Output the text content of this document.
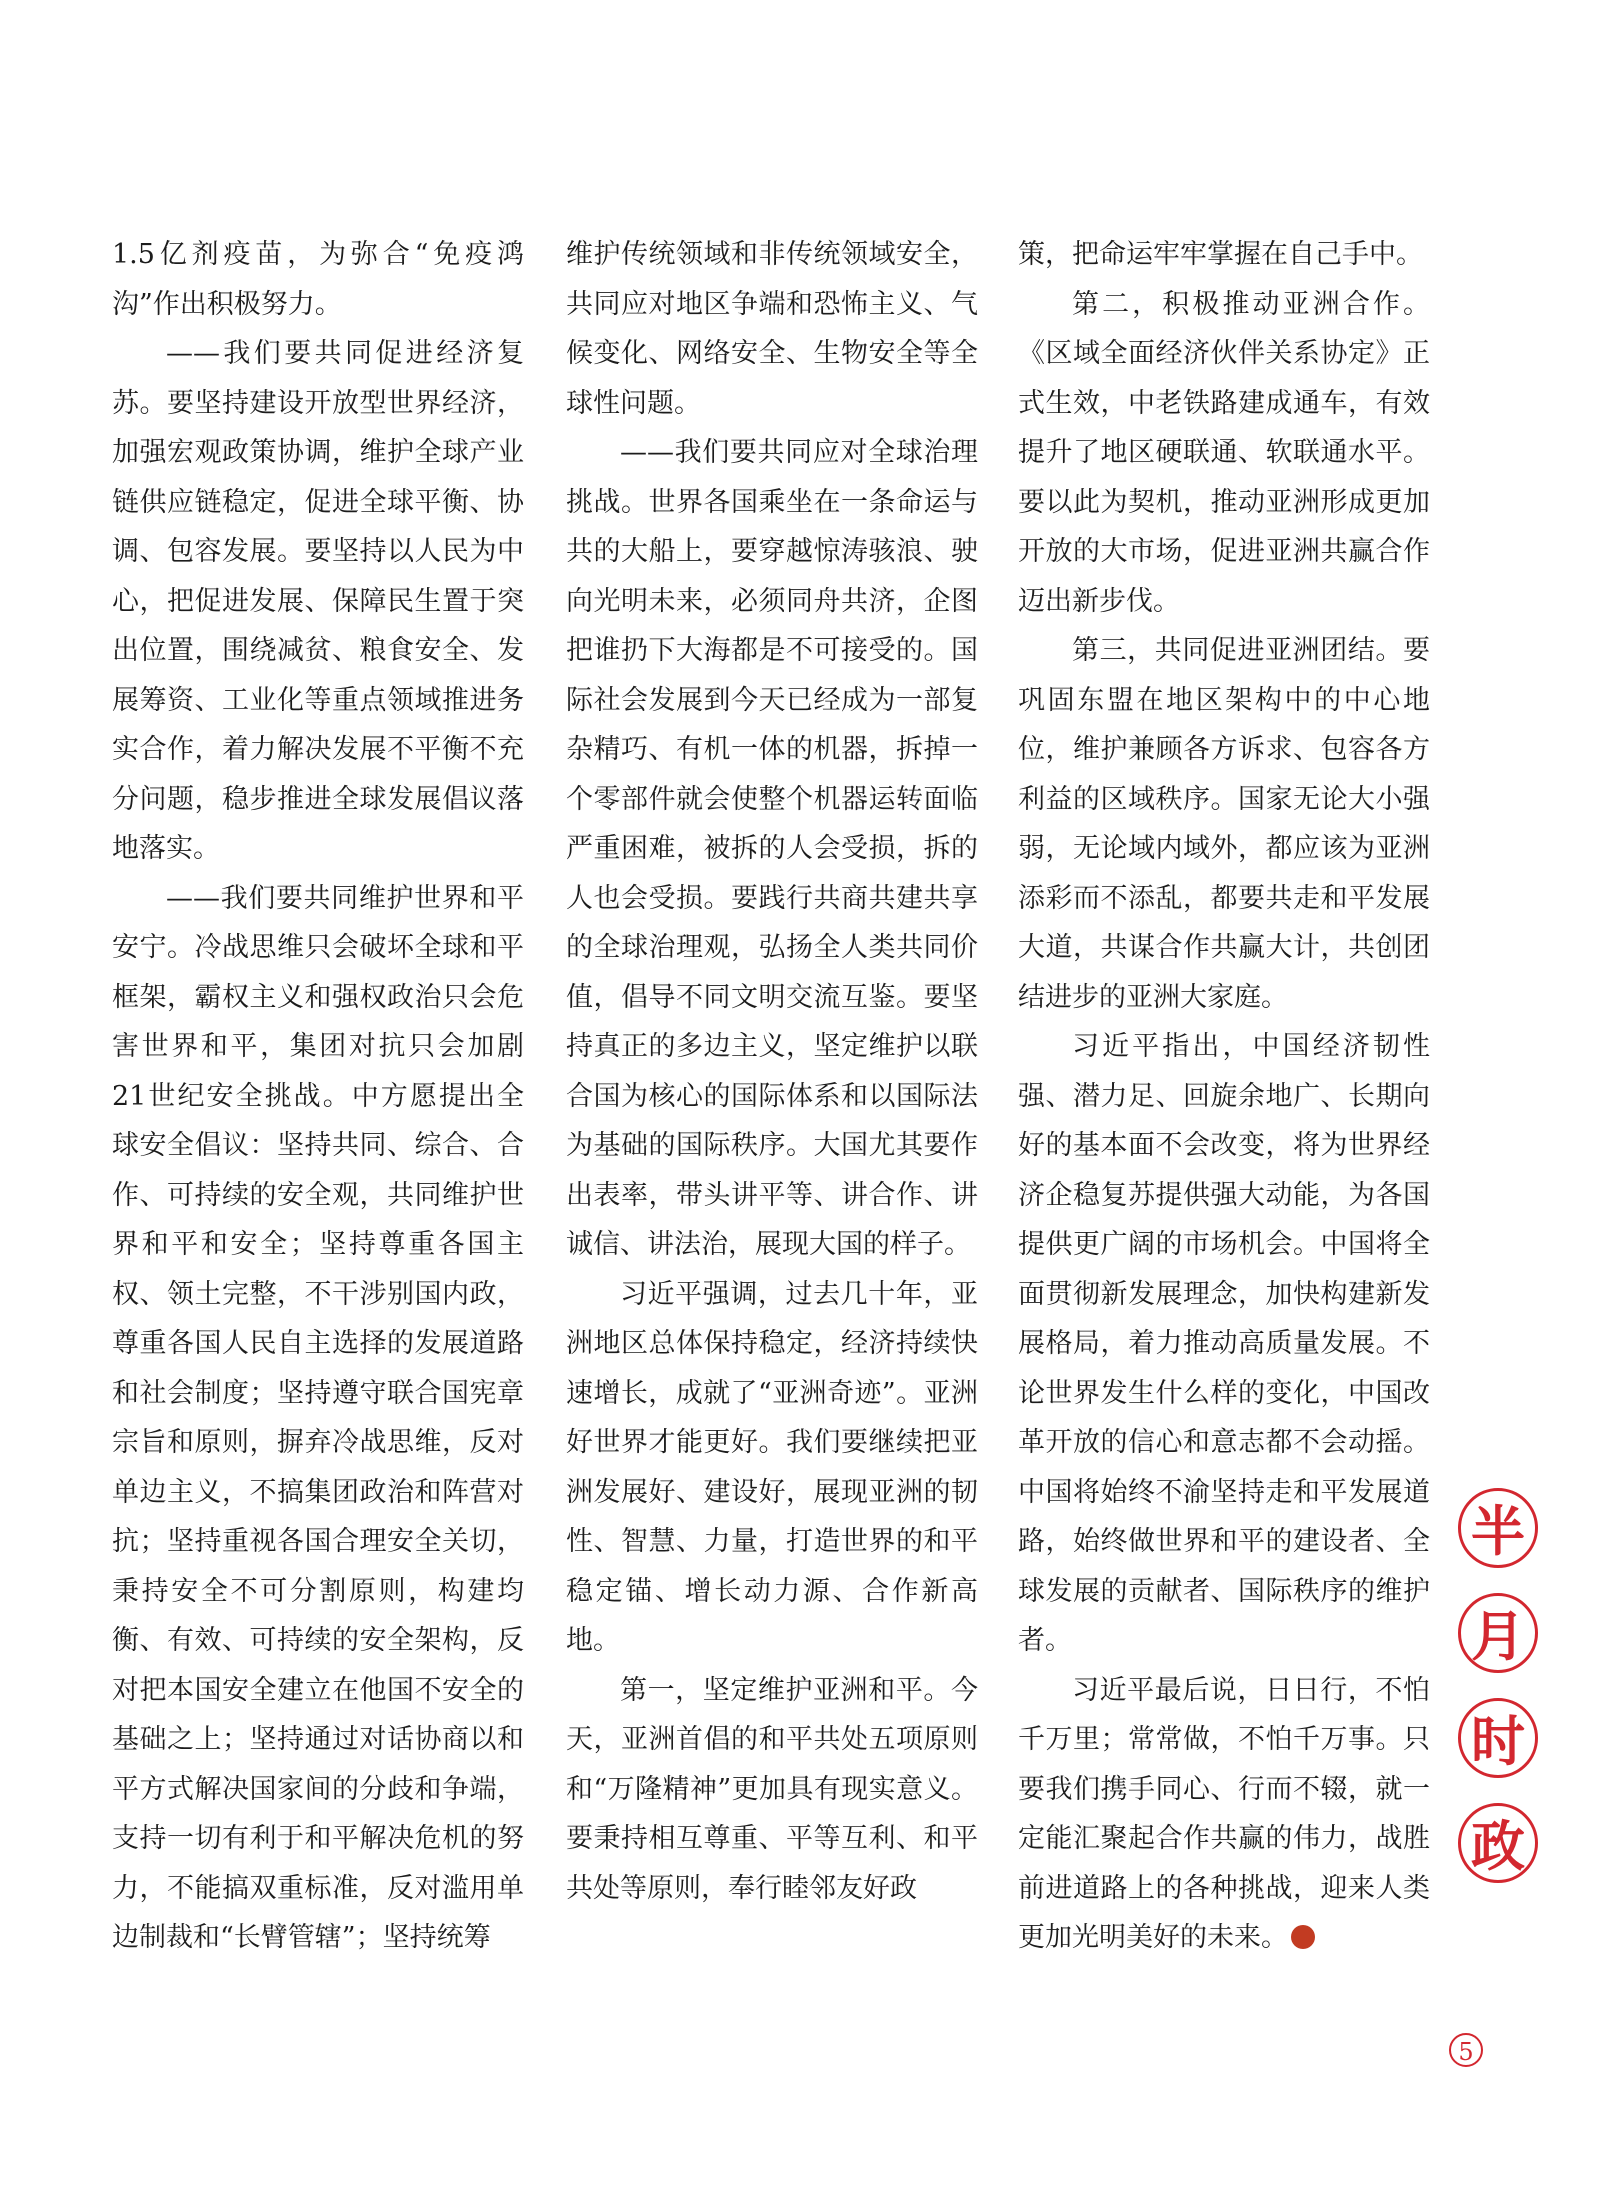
1.5亿剂疫苗，为弥合“免疫鸿沟”作出积极努力。

——我们要共同促进经济复苏。要坚持建设开放型世界经济，加强宏观政策协调，维护全球产业链供应链稳定，促进全球平衡、协调、包容发展。要坚持以人民为中心，把促进发展、保障民生置于突出位置，围绕减贫、粮食安全、发展筹资、工业化等重点领域推进务实合作，着力解决发展不平衡不充分问题，稳步推进全球发展倡议落地落实。

——我们要共同维护世界和平安宁。冷战思维只会破坏全球和平框架，霸权主义和强权政治只会危害世界和平，集团对抗只会加剧21世纪安全挑战。中方愿提出全球安全倡议：坚持共同、综合、合作、可持续的安全观，共同维护世界和平和安全；坚持尊重各国主权、领土完整，不干涉别国内政，尊重各国人民自主选择的发展道路和社会制度；坚持遵守联合国宪章宗旨和原则，摒弃冷战思维，反对单边主义，不搞集团政治和阵营对抗；坚持重视各国合理安全关切，秉持安全不可分割原则，构建均衡、有效、可持续的安全架构，反对把本国安全建立在他国不安全的基础之上；坚持通过对话协商以和平方式解决国家间的分歧和争端，支持一切有利于和平解决危机的努力，不能搞双重标准，反对滥用单边制裁和“长臂管辖”；坚持统筹

维护传统领域和非传统领域安全，共同应对地区争端和恐怖主义、气候变化、网络安全、生物安全等全球性问题。

——我们要共同应对全球治理挑战。世界各国乘坐在一条命运与共的大船上，要穿越惊涛骇浪、驶向光明未来，必须同舟共济，企图把谁扔下大海都是不可接受的。国际社会发展到今天已经成为一部复杂精巧、有机一体的机器，拆掉一个零部件就会使整个机器运转面临严重困难，被拆的人会受损，拆的人也会受损。要践行共商共建共享的全球治理观，弘扬全人类共同价值，倡导不同文明交流互鉴。要坚持真正的多边主义，坚定维护以联合国为核心的国际体系和以国际法为基础的国际秩序。大国尤其要作出表率，带头讲平等、讲合作、讲诚信、讲法治，展现大国的样子。

习近平强调，过去几十年，亚洲地区总体保持稳定，经济持续快速增长，成就了“亚洲奇迹”。亚洲好世界才能更好。我们要继续把亚洲发展好、建设好，展现亚洲的韧性、智慧、力量，打造世界的和平稳定锚、增长动力源、合作新高地。

第一，坚定维护亚洲和平。今天，亚洲首倡的和平共处五项原则和“万隆精神”更加具有现实意义。要秉持相互尊重、平等互利、和平共处等原则，奉行睦邻友好政

策，把命运牢牢掌握在自己手中。

第二，积极推动亚洲合作。《区域全面经济伙伴关系协定》正式生效，中老铁路建成通车，有效提升了地区硬联通、软联通水平。要以此为契机，推动亚洲形成更加开放的大市场，促进亚洲共赢合作迈出新步伐。

第三，共同促进亚洲团结。要巩固东盟在地区架构中的中心地位，维护兼顾各方诉求、包容各方利益的区域秩序。国家无论大小强弱，无论域内域外，都应该为亚洲添彩而不添乱，都要共走和平发展大道，共谋合作共赢大计，共创团结进步的亚洲大家庭。

习近平指出，中国经济韧性强、潜力足、回旋余地广、长期向好的基本面不会改变，将为世界经济企稳复苏提供强大动能，为各国提供更广阔的市场机会。中国将全面贯彻新发展理念，加快构建新发展格局，着力推动高质量发展。不论世界发生什么样的变化，中国改革开放的信心和意志都不会动摇。中国将始终不渝坚持走和平发展道路，始终做世界和平的建设者、全球发展的贡献者、国际秩序的维护者。

习近平最后说，日日行，不怕千万里；常常做，不怕千万事。只要我们携手同心、行而不辍，就一定能汇聚起合作共赢的伟力，战胜前进道路上的各种挑战，迎来人类更加光明美好的未来。

半
月
时
政
5
